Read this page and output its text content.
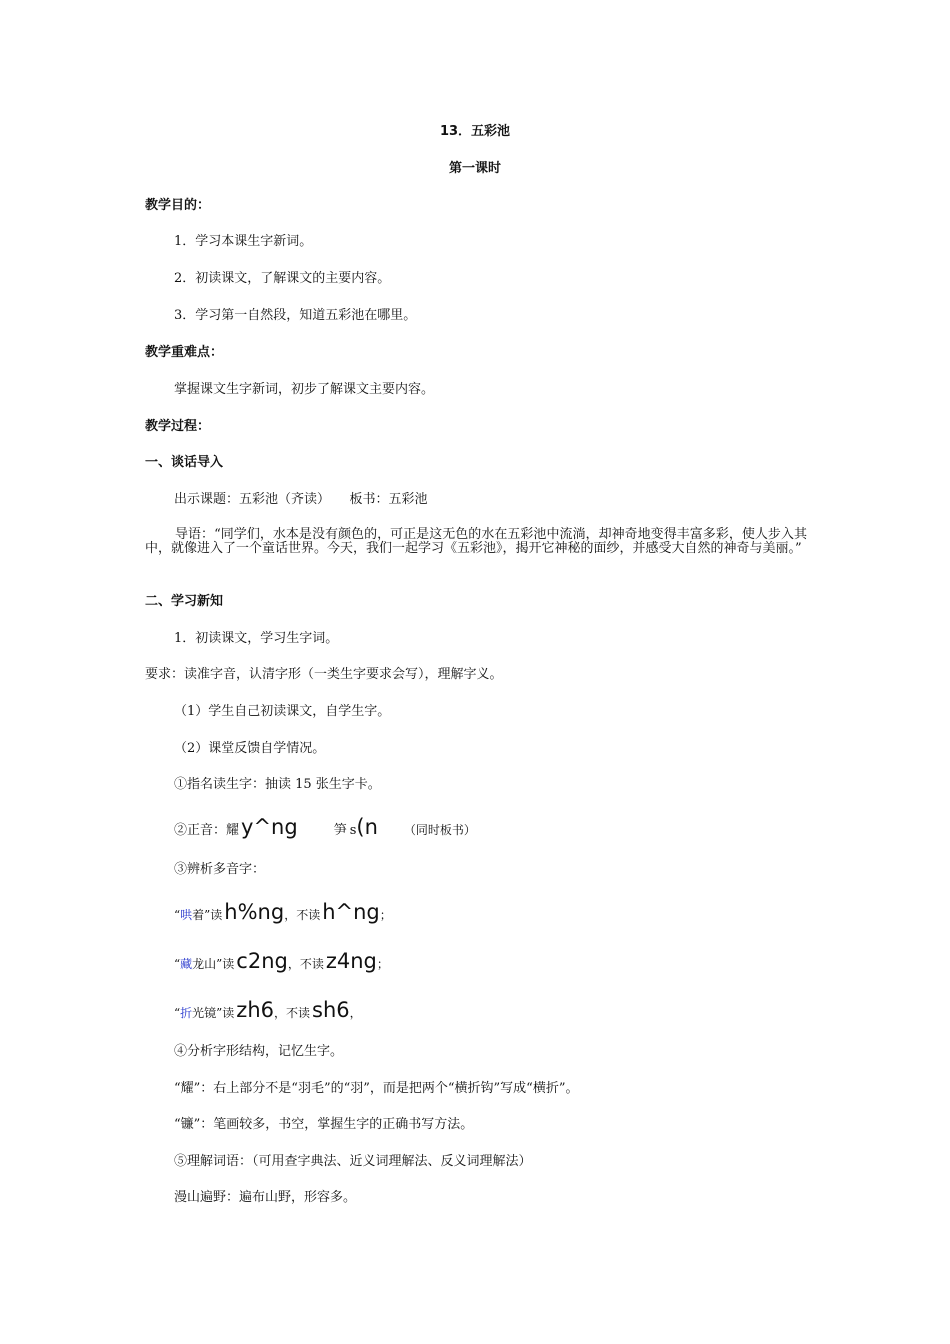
13．五彩池
第一课时
教学目的：
1．学习本课生字新词。
2．初读课文，了解课文的主要内容。
3．学习第一自然段，知道五彩池在哪里。
教学重难点：
掌握课文生字新词，初步了解课文主要内容。
教学过程：
一、谈话导入
出示课题：五彩池（齐读）　　板书：五彩池
导语：“同学们，水本是没有颜色的，可正是这无色的水在五彩池中流淌，却神奇地变得丰富多彩，使人步入其中，就像进入了一个童话世界。今天，我们一起学习《五彩池》，揭开它神秘的面纱，并感受大自然的神奇与美丽。”
二、学习新知
1．初读课文，学习生字词。
要求：读准字音，认清字形（一类生字要求会写），理解字义。
（1）学生自己初读课文，自学生字。
（2）课堂反馈自学情况。
①指名读生字：抽读 15 张生字卡。
②正音：耀y^ng	笋 s(n （同时板书）
③辨析多音字：
“哄着”读h%ng，不读h^ng；
“藏龙山”读c2ng，不读z4ng；
“折光镜”读zh6，不读sh6，
④分析字形结构，记忆生字。
“耀”：右上部分不是“羽毛”的“羽”，而是把两个“横折钩”写成“横折”。
“镰”：笔画较多，书空，掌握生字的正确书写方法。
⑤理解词语：（可用查字典法、近义词理解法、反义词理解法）
漫山遍野：遍布山野，形容多。
